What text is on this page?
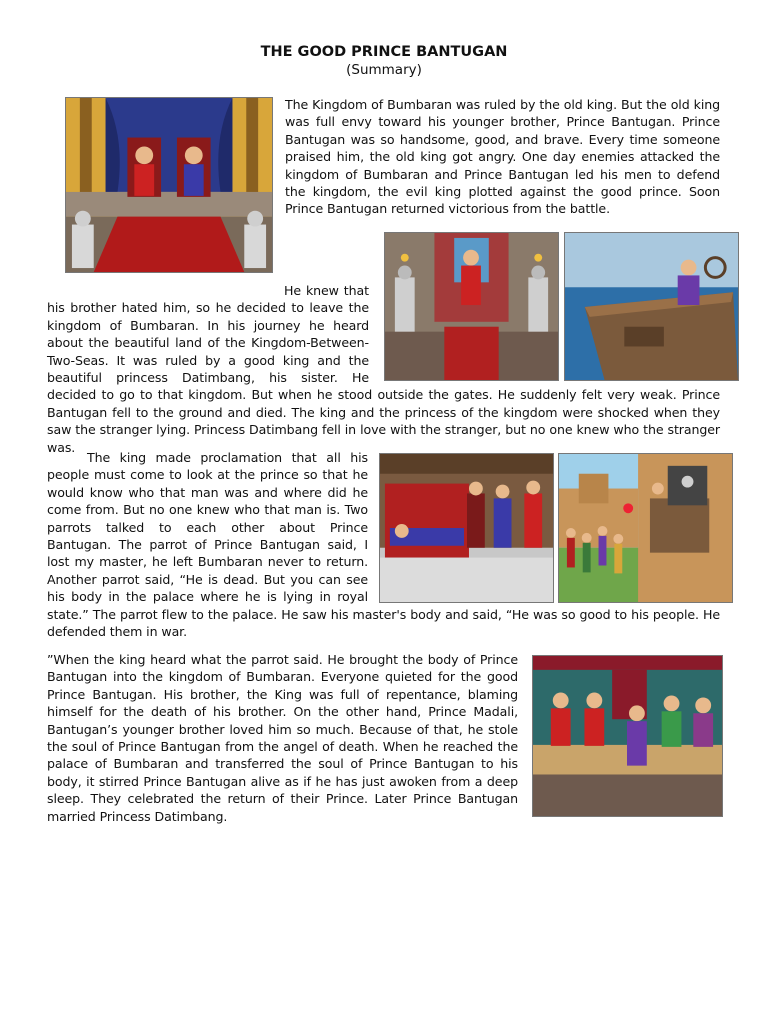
THE GOOD PRINCE BANTUGAN
(Summary)

The Kingdom of Bumbaran was ruled by the old king. But the old king was full envy toward his younger brother, Prince Bantugan. Prince Bantugan was so handsome, good, and brave. Every time someone praised him, the old king got angry. One day enemies attacked the kingdom of Bumbaran and Prince Bantugan led his men to defend the kingdom, the evil king plotted against the good prince. Soon Prince Bantugan returned victorious from the battle.

He knew that his brother hated him, so he decided to leave the kingdom of Bumbaran. In his journey he heard about the beautiful land of the Kingdom-Between-Two-Seas. It was ruled by a good king and the beautiful princess Datimbang, his sister. He decided to go to that kingdom. But when he stood outside the gates. He suddenly felt very weak. Prince Bantugan fell to the ground and died. The king and the princess of the kingdom were shocked when they saw the stranger lying. Princess Datimbang fell in love with the stranger, but no one knew who the stranger was.
The king made proclamation that all his people must come to look at the prince so that he would know who that man was and where did he come from. But no one knew who that man is. Two parrots talked to each other about Prince Bantugan. The parrot of Prince Bantugan said, I lost my master, he left Bumbaran never to return. Another parrot said, “He is dead. But you can see his body in the palace where he is lying in royal state.” The parrot flew to the palace. He saw his master's body and said, “He was so good to his people. He defended them in war.

”When the king heard what the parrot said. He brought the body of Prince Bantugan into the kingdom of Bumbaran. Everyone quieted for the good Prince Bantugan. His brother, the King was full of repentance, blaming himself for the death of his brother. On the other hand, Prince Madali, Bantugan’s younger brother loved him so much. Because of that, he stole the soul of Prince Bantugan from the angel of death. When he reached the palace of Bumbaran and transferred the soul of Prince Bantugan to his body, it stirred Prince Bantugan alive as if he has just awoken from a deep sleep. They celebrated the return of their Prince. Later Prince Bantugan married Princess Datimbang.
